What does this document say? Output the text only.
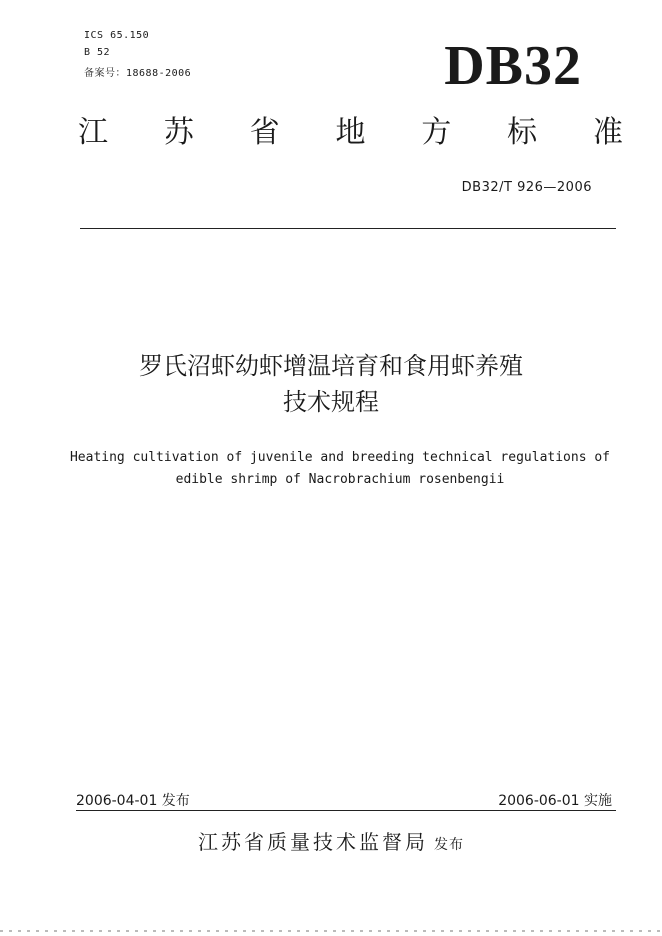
ICS 65.150
B 52
备案号：18688-2006	DB32
江 苏 省 地 方 标 准
DB32/T 926—2006
罗氏沼虾幼虾增温培育和食用虾养殖
技术规程
Heating cultivation of juvenile and breeding technical regulations of
edible shrimp of Nacrobrachium rosenbengii
2006-04-01 发布	2006-06-01 实施
江苏省质量技术监督局 发布
